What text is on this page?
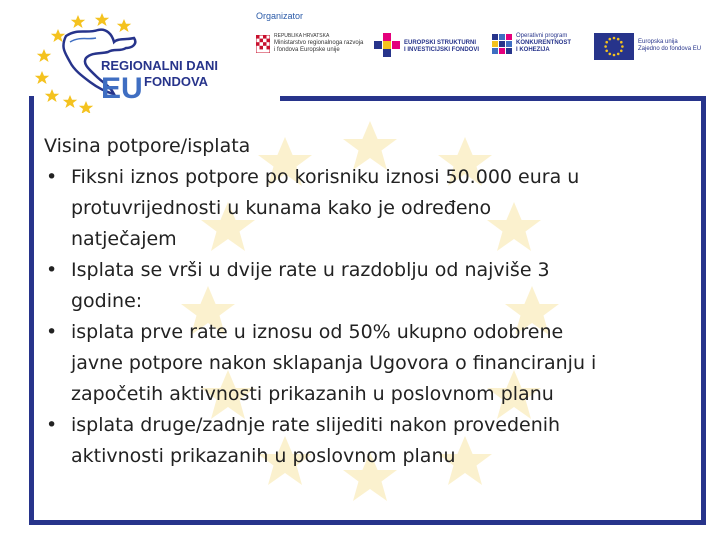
REGIONALNI DANI
EU FONDOVA
Organizator
REPUBLIKA HRVATSKA
Ministarstvo regionalnoga razvoja
i fondova Europske unije
EUROPSKI STRUKTURNI
I INVESTICIJSKI FONDOVI
Operativni program
KONKURENTNOST
I KOHEZIJA
Europska unija
Zajedno do fondova EU
Visina potpore/isplata
• Fiksni iznos potpore po korisniku iznosi 50.000 eura u
protuvrijednosti u kunama kako je određeno
natječajem
• Isplata se vrši u dvije rate u razdoblju od najviše 3
godine:
• isplata prve rate u iznosu od 50% ukupno odobrene
javne potpore nakon sklapanja Ugovora o financiranju i
započetih aktivnosti prikazanih u poslovnom planu
• isplata druge/zadnje rate slijediti nakon provedenih
aktivnosti prikazanih u poslovnom planu
